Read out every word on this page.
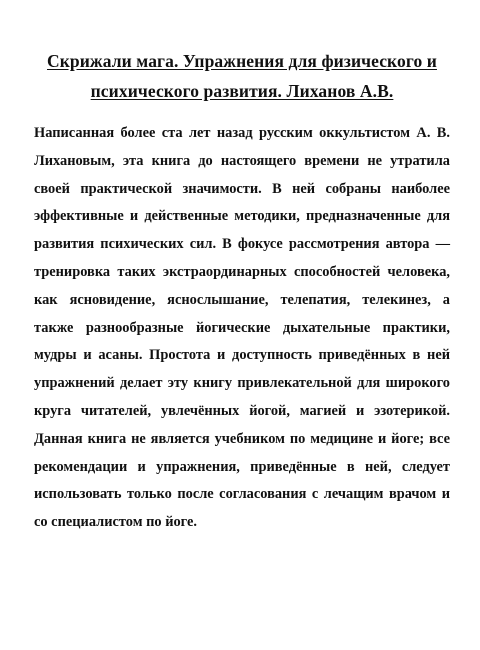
Скрижали мага. Упражнения для физического и психического развития. Лиханов А.В.

Написанная более ста лет назад русским оккультистом А. В. Лихановым, эта книга до настоящего времени не утратила своей практической значимости. В ней собраны наиболее эффективные и действенные методики, предназначенные для развития психических сил. В фокусе рассмотрения автора — тренировка таких экстраординарных способностей человека, как ясновидение, яснослышание, телепатия, телекинез, а также разнообразные йогические дыхательные практики, мудры и асаны. Простота и доступность приведённых в ней упражнений делает эту книгу привлекательной для широкого круга читателей, увлечённых йогой, магией и эзотерикой. Данная книга не является учебником по медицине и йоге; все рекомендации и упражнения, приведённые в ней, следует использовать только после согласования с лечащим врачом и со специалистом по йоге.
